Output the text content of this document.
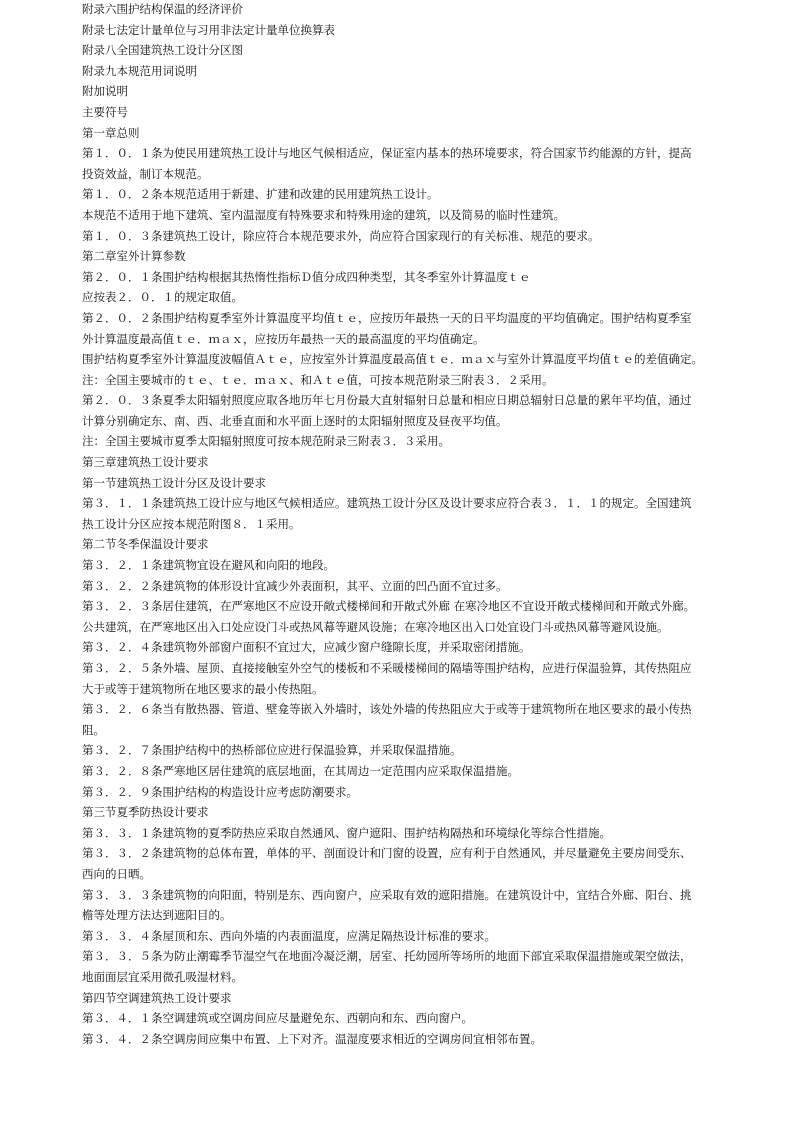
附录六围护结构保温的经济评价
附录七法定计量单位与习用非法定计量单位换算表
附录八全国建筑热工设计分区图
附录九本规范用词说明
附加说明
主要符号
第一章总则
第１．０．１条为使民用建筑热工设计与地区气候相适应，保证室内基本的热环境要求，符合国家节约能源的方针，提高
投资效益，制订本规范。
第１．０．２条本规范适用于新建、扩建和改建的民用建筑热工设计。
本规范不适用于地下建筑、室内温湿度有特殊要求和特殊用途的建筑，以及简易的临时性建筑。
第１．０．３条建筑热工设计，除应符合本规范要求外，尚应符合国家现行的有关标准、规范的要求。
第二章室外计算参数
第２．０．１条围护结构根据其热惰性指标Ｄ值分成四种类型，其冬季室外计算温度ｔｅ
应按表２．０．１的规定取值。
第２．０．２条围护结构夏季室外计算温度平均值ｔｅ，应按历年最热一天的日平均温度的平均值确定。围护结构夏季室
外计算温度最高值ｔｅ．ｍａｘ，应按历年最热一天的最高温度的平均值确定。
围护结构夏季室外计算温度波幅值Ａｔｅ，应按室外计算温度最高值ｔｅ．ｍａｘ与室外计算温度平均值ｔｅ的差值确定。
注：全国主要城市的ｔｅ、ｔｅ．ｍａｘ、和Ａｔｅ值，可按本规范附录三附表３．２采用。
第２．０．３条夏季太阳辐射照度应取各地历年七月份最大直射辐射日总量和相应日期总辐射日总量的累年平均值，通过
计算分别确定东、南、西、北垂直面和水平面上逐时的太阳辐射照度及昼夜平均值。
注：全国主要城市夏季太阳辐射照度可按本规范附录三附表３．３采用。
第三章建筑热工设计要求
第一节建筑热工设计分区及设计要求
第３．１．１条建筑热工设计应与地区气候相适应。建筑热工设计分区及设计要求应符合表３．１．１的规定。全国建筑
热工设计分区应按本规范附图８．１采用。
第二节冬季保温设计要求
第３．２．１条建筑物宜设在避风和向阳的地段。
第３．２．２条建筑物的体形设计宜减少外表面积，其平、立面的凹凸面不宜过多。
第３．２．３条居住建筑，在严寒地区不应设开敞式楼梯间和开敞式外廊 在寒冷地区不宜设开敞式楼梯间和开敞式外廊。
公共建筑，在严寒地区出入口处应设门斗或热风幕等避风设施；在寒冷地区出入口处宜设门斗或热风幕等避风设施。
第３．２．４条建筑物外部窗户面积不宜过大，应减少窗户缝隙长度，并采取密闭措施。
第３．２．５条外墙、屋顶、直接接触室外空气的楼板和不采暖楼梯间的隔墙等围护结构，应进行保温验算，其传热阻应
大于或等于建筑物所在地区要求的最小传热阻。
第３．２．６条当有散热器、管道、壁龛等嵌入外墙时，该处外墙的传热阻应大于或等于建筑物所在地区要求的最小传热
阻。
第３．２．７条围护结构中的热桥部位应进行保温验算，并采取保温措施。
第３．２．８条严寒地区居住建筑的底层地面，在其周边一定范围内应采取保温措施。
第３．２．９条围护结构的构造设计应考虑防潮要求。
第三节夏季防热设计要求
第３．３．１条建筑物的夏季防热应采取自然通风、窗户遮阳、围护结构隔热和环境绿化等综合性措施。
第３．３．２条建筑物的总体布置，单体的平、剖面设计和门窗的设置，应有利于自然通风，并尽量避免主要房间受东、
西向的日晒。
第３．３．３条建筑物的向阳面，特别是东、西向窗户，应采取有效的遮阳措施。在建筑设计中，宜结合外廊、阳台、挑
檐等处理方法达到遮阳目的。
第３．３．４条屋顶和东、西向外墙的内表面温度，应满足隔热设计标准的要求。
第３．３．５条为防止潮霉季节湿空气在地面冷凝泛潮，居室、托幼园所等场所的地面下部宜采取保温措施或架空做法，
地面面层宜采用微孔吸湿材料。
第四节空调建筑热工设计要求
第３．４．１条空调建筑或空调房间应尽量避免东、西朝向和东、西向窗户。
第３．４．２条空调房间应集中布置、上下对齐。温湿度要求相近的空调房间宜相邻布置。
